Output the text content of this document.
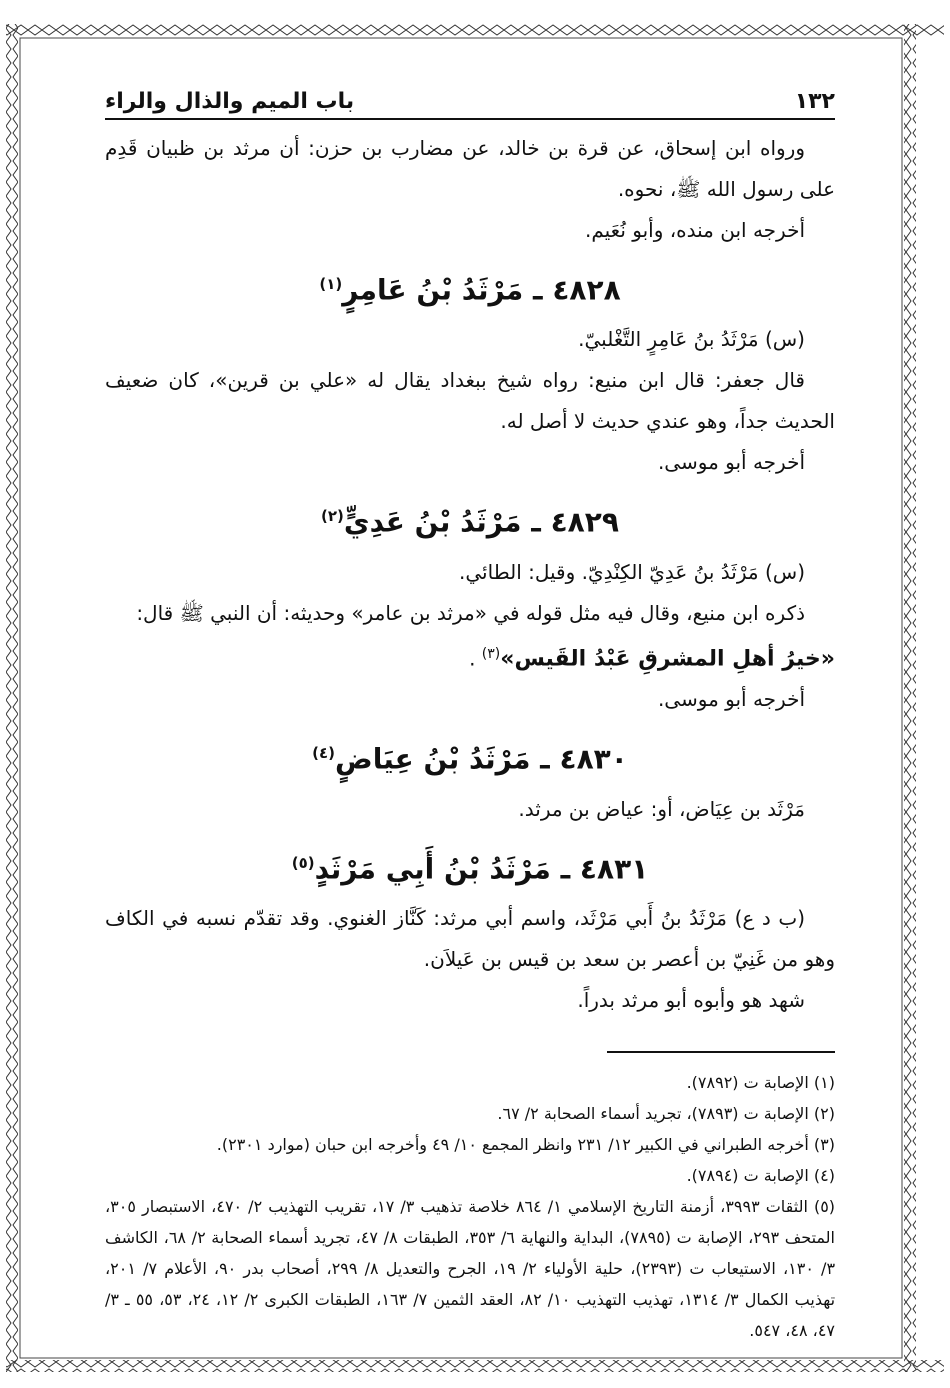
١٣٢
باب الميم والذال والراء

ورواه ابن إسحاق، عن قرة بن خالد، عن مضارب بن حزن: أن مرثد بن ظبيان قَدِم على رسول الله ﷺ، نحوه.

أخرجه ابن منده، وأبو نُعَيم.

٤٨٢٨ ـ مَرْثَدُ بْنُ عَامِرٍ$^{(١)}$

(س) مَرْثَدُ بنُ عَامِرٍ التَّغْلبيّ.

قال جعفر: قال ابن منيع: رواه شيخ ببغداد يقال له «علي بن قرين»، كان ضعيف الحديث جداً، وهو عندي حديث لا أصل له.

أخرجه أبو موسى.

٤٨٢٩ ـ مَرْثَدُ بْنُ عَدِيٍّ$^{(٢)}$

(س) مَرْثَدُ بنُ عَدِيّ الكِنْدِيّ. وقيل: الطائي.

ذكره ابن منيع، وقال فيه مثل قوله في «مرثد بن عامر» وحديثه: أن النبي ﷺ قال:

«خيرُ أهلِ المشرقِ عَبْدُ القَيس»$^{(٣)}$ .

أخرجه أبو موسى.

٤٨٣٠ ـ مَرْثَدُ بْنُ عِيَاضٍ$^{(٤)}$

مَرْثَد بن عِيَاض، أو: عياض بن مرثد.

٤٨٣١ ـ مَرْثَدُ بْنُ أَبِي مَرْثَدٍ$^{(٥)}$

(ب د ع) مَرْثَدُ بنُ أَبي مَرْثَد، واسم أبي مرثد: كَنَّاز الغنوي. وقد تقدّم نسبه في الكاف وهو من غَنِيّ بن أعصر بن سعد بن قيس بن عَيلاَن.

شهد هو وأبوه أبو مرثد بدراً.

(١) الإصابة ت (٧٨٩٢).

(٢) الإصابة ت (٧٨٩٣)، تجريد أسماء الصحابة ٢/ ٦٧.

(٣) أخرجه الطبراني في الكبير ١٢/ ٢٣١ وانظر المجمع ١٠/ ٤٩ وأخرجه ابن حبان (موارد ٢٣٠١).

(٤) الإصابة ت (٧٨٩٤).

(٥) الثقات ٣٩٩٣، أزمنة التاريخ الإسلامي ١/ ٨٦٤ خلاصة تذهيب ٣/ ١٧، تقريب التهذيب ٢/ ٤٧٠، الاستبصار ٣٠٥، المتحف ٢٩٣، الإصابة ت (٧٨٩٥)، البداية والنهاية ٦/ ٣٥٣، الطبقات ٨/ ٤٧، تجريد أسماء الصحابة ٢/ ٦٨، الكاشف ٣/ ١٣٠، الاستيعاب ت (٢٣٩٣)، حلية الأولياء ٢/ ١٩، الجرح والتعديل ٨/ ٢٩٩، أصحاب بدر ٩٠، الأعلام ٧/ ٢٠١، تهذيب الكمال ٣/ ١٣١٤، تهذيب التهذيب ١٠/ ٨٢، العقد الثمين ٧/ ١٦٣، الطبقات الكبرى ٢/ ١٢، ٢٤، ٥٣، ٥٥ ـ ٣/ ٤٧، ٤٨، ٥٤٧.
